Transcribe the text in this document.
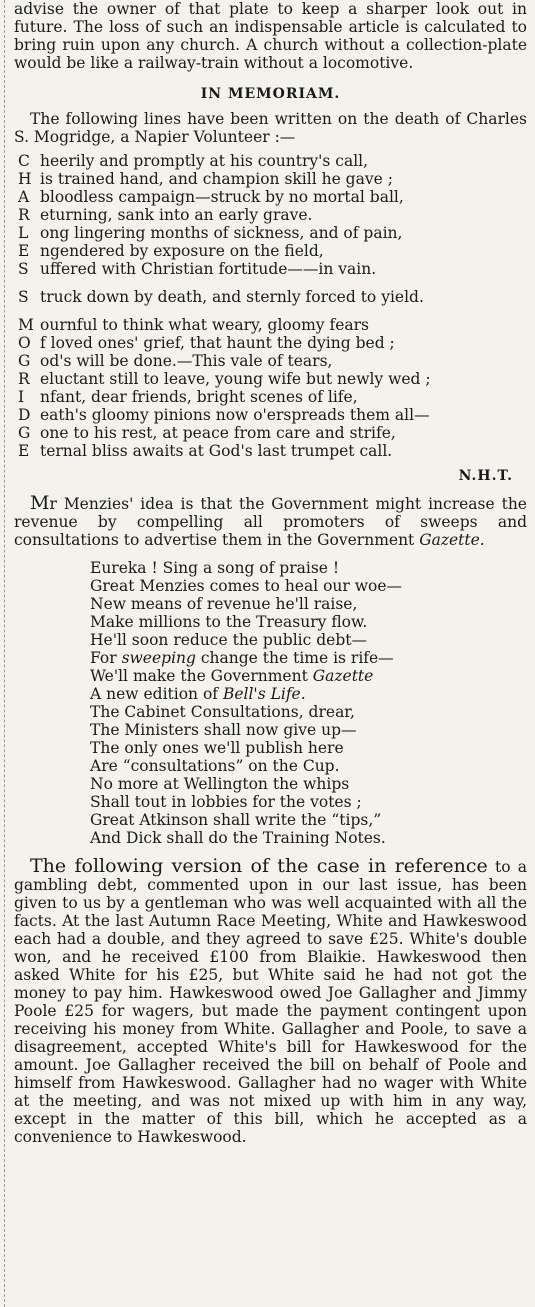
advise the owner of that plate to keep a sharper look out in future. The loss of such an indispensable article is calculated to bring ruin upon any church. A church without a collection-plate would be like a railway-train without a locomotive.

IN MEMORIAM.

The following lines have been written on the death of Charles S. Mogridge, a Napier Volunteer :—

C heerily and promptly at his country's call,
H is trained hand, and champion skill he gave ;
A bloodless campaign—struck by no mortal ball,
R eturning, sank into an early grave.
L ong lingering months of sickness, and of pain,
E ngendered by exposure on the field,
S uffered with Christian fortitude——in vain.
S truck down by death, and sternly forced to yield.
M ournful to think what weary, gloomy fears
O f loved ones' grief, that haunt the dying bed ;
G od's will be done.—This vale of tears,
R eluctant still to leave, young wife but newly wed ;
I nfant, dear friends, bright scenes of life,
D eath's gloomy pinions now o'erspreads them all—
G one to his rest, at peace from care and strife,
E ternal bliss awaits at God's last trumpet call.
N.H.T.

Mr Menzies' idea is that the Government might increase the revenue by compelling all promoters of sweeps and consultations to advertise them in the Government Gazette.

Eureka ! Sing a song of praise !
Great Menzies comes to heal our woe—
New means of revenue he'll raise,
Make millions to the Treasury flow.
He'll soon reduce the public debt—
For sweeping change the time is rife—
We'll make the Government Gazette
A new edition of Bell's Life.
The Cabinet Consultations, drear,
The Ministers shall now give up—
The only ones we'll publish here
Are “consultations” on the Cup.
No more at Wellington the whips
Shall tout in lobbies for the votes ;
Great Atkinson shall write the “tips,”
And Dick shall do the Training Notes.

The following version of the case in reference to a gambling debt, commented upon in our last issue, has been given to us by a gentleman who was well acquainted with all the facts. At the last Autumn Race Meeting, White and Hawkeswood each had a double, and they agreed to save £25. White's double won, and he received £100 from Blaikie. Hawkeswood then asked White for his £25, but White said he had not got the money to pay him. Hawkeswood owed Joe Gallagher and Jimmy Poole £25 for wagers, but made the payment contingent upon receiving his money from White. Gallagher and Poole, to save a disagreement, accepted White's bill for Hawkeswood for the amount. Joe Gallagher received the bill on behalf of Poole and himself from Hawkeswood. Gallagher had no wager with White at the meeting, and was not mixed up with him in any way, except in the matter of this bill, which he accepted as a convenience to Hawkeswood.
